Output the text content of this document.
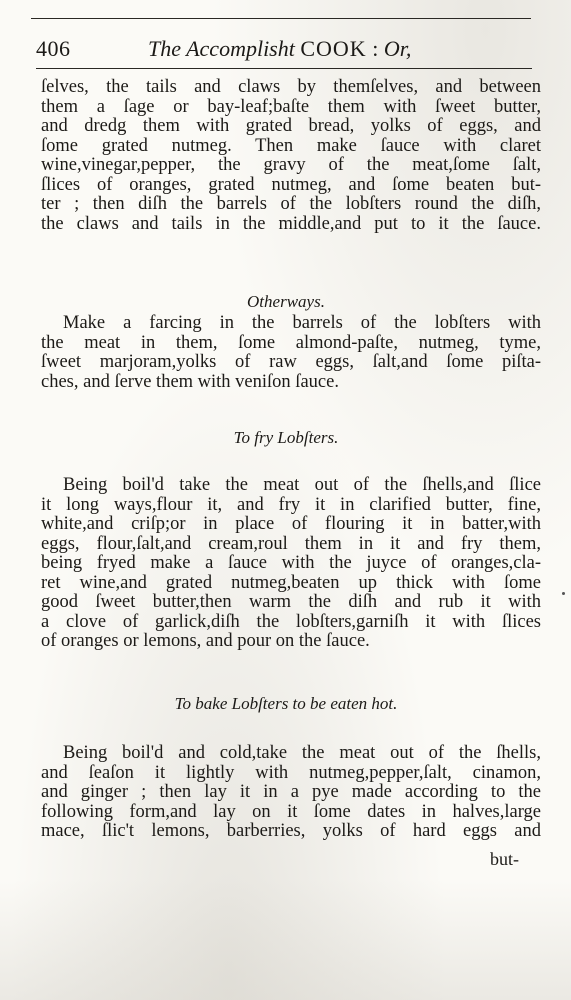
406	The Accomplisht COOK : Or,
ſelves, the tails and claws by themſelves, and between
them a ſage or bay-leaf;baſte them with ſweet butter,
and dredg them with grated bread, yolks of eggs, and
ſome grated nutmeg. Then make ſauce with claret
wine,vinegar,pepper, the gravy of the meat,ſome ſalt,
ſlices of oranges, grated nutmeg, and ſome beaten but-
ter ; then diſh the barrels of the lobſters round the diſh,
the claws and tails in the middle,and put to it the ſauce.
Otherways.
Make a farcing in the barrels of the lobſters with
the meat in them, ſome almond-paſte, nutmeg, tyme,
ſweet marjoram,yolks of raw eggs, ſalt,and ſome piſta-
ches, and ſerve them with veniſon ſauce.
To fry Lobſters.
Being boil'd take the meat out of the ſhells,and ſlice
it long ways,flour it, and fry it in clarified butter, fine,
white,and criſp;or in place of flouring it in batter,with
eggs, flour,ſalt,and cream,roul them in it and fry them,
being fryed make a ſauce with the juyce of oranges,cla-
ret wine,and grated nutmeg,beaten up thick with ſome
good ſweet butter,then warm the diſh and rub it with
a clove of garlick,diſh the lobſters,garniſh it with ſlices
of oranges or lemons, and pour on the ſauce.
To bake Lobſters to be eaten hot.
Being boil'd and cold,take the meat out of the ſhells,
and ſeaſon it lightly with nutmeg,pepper,ſalt, cinamon,
and ginger ; then lay it in a pye made according to the
following form,and lay on it ſome dates in halves,large
mace, ſlic't lemons, barberries, yolks of hard eggs and
but-
